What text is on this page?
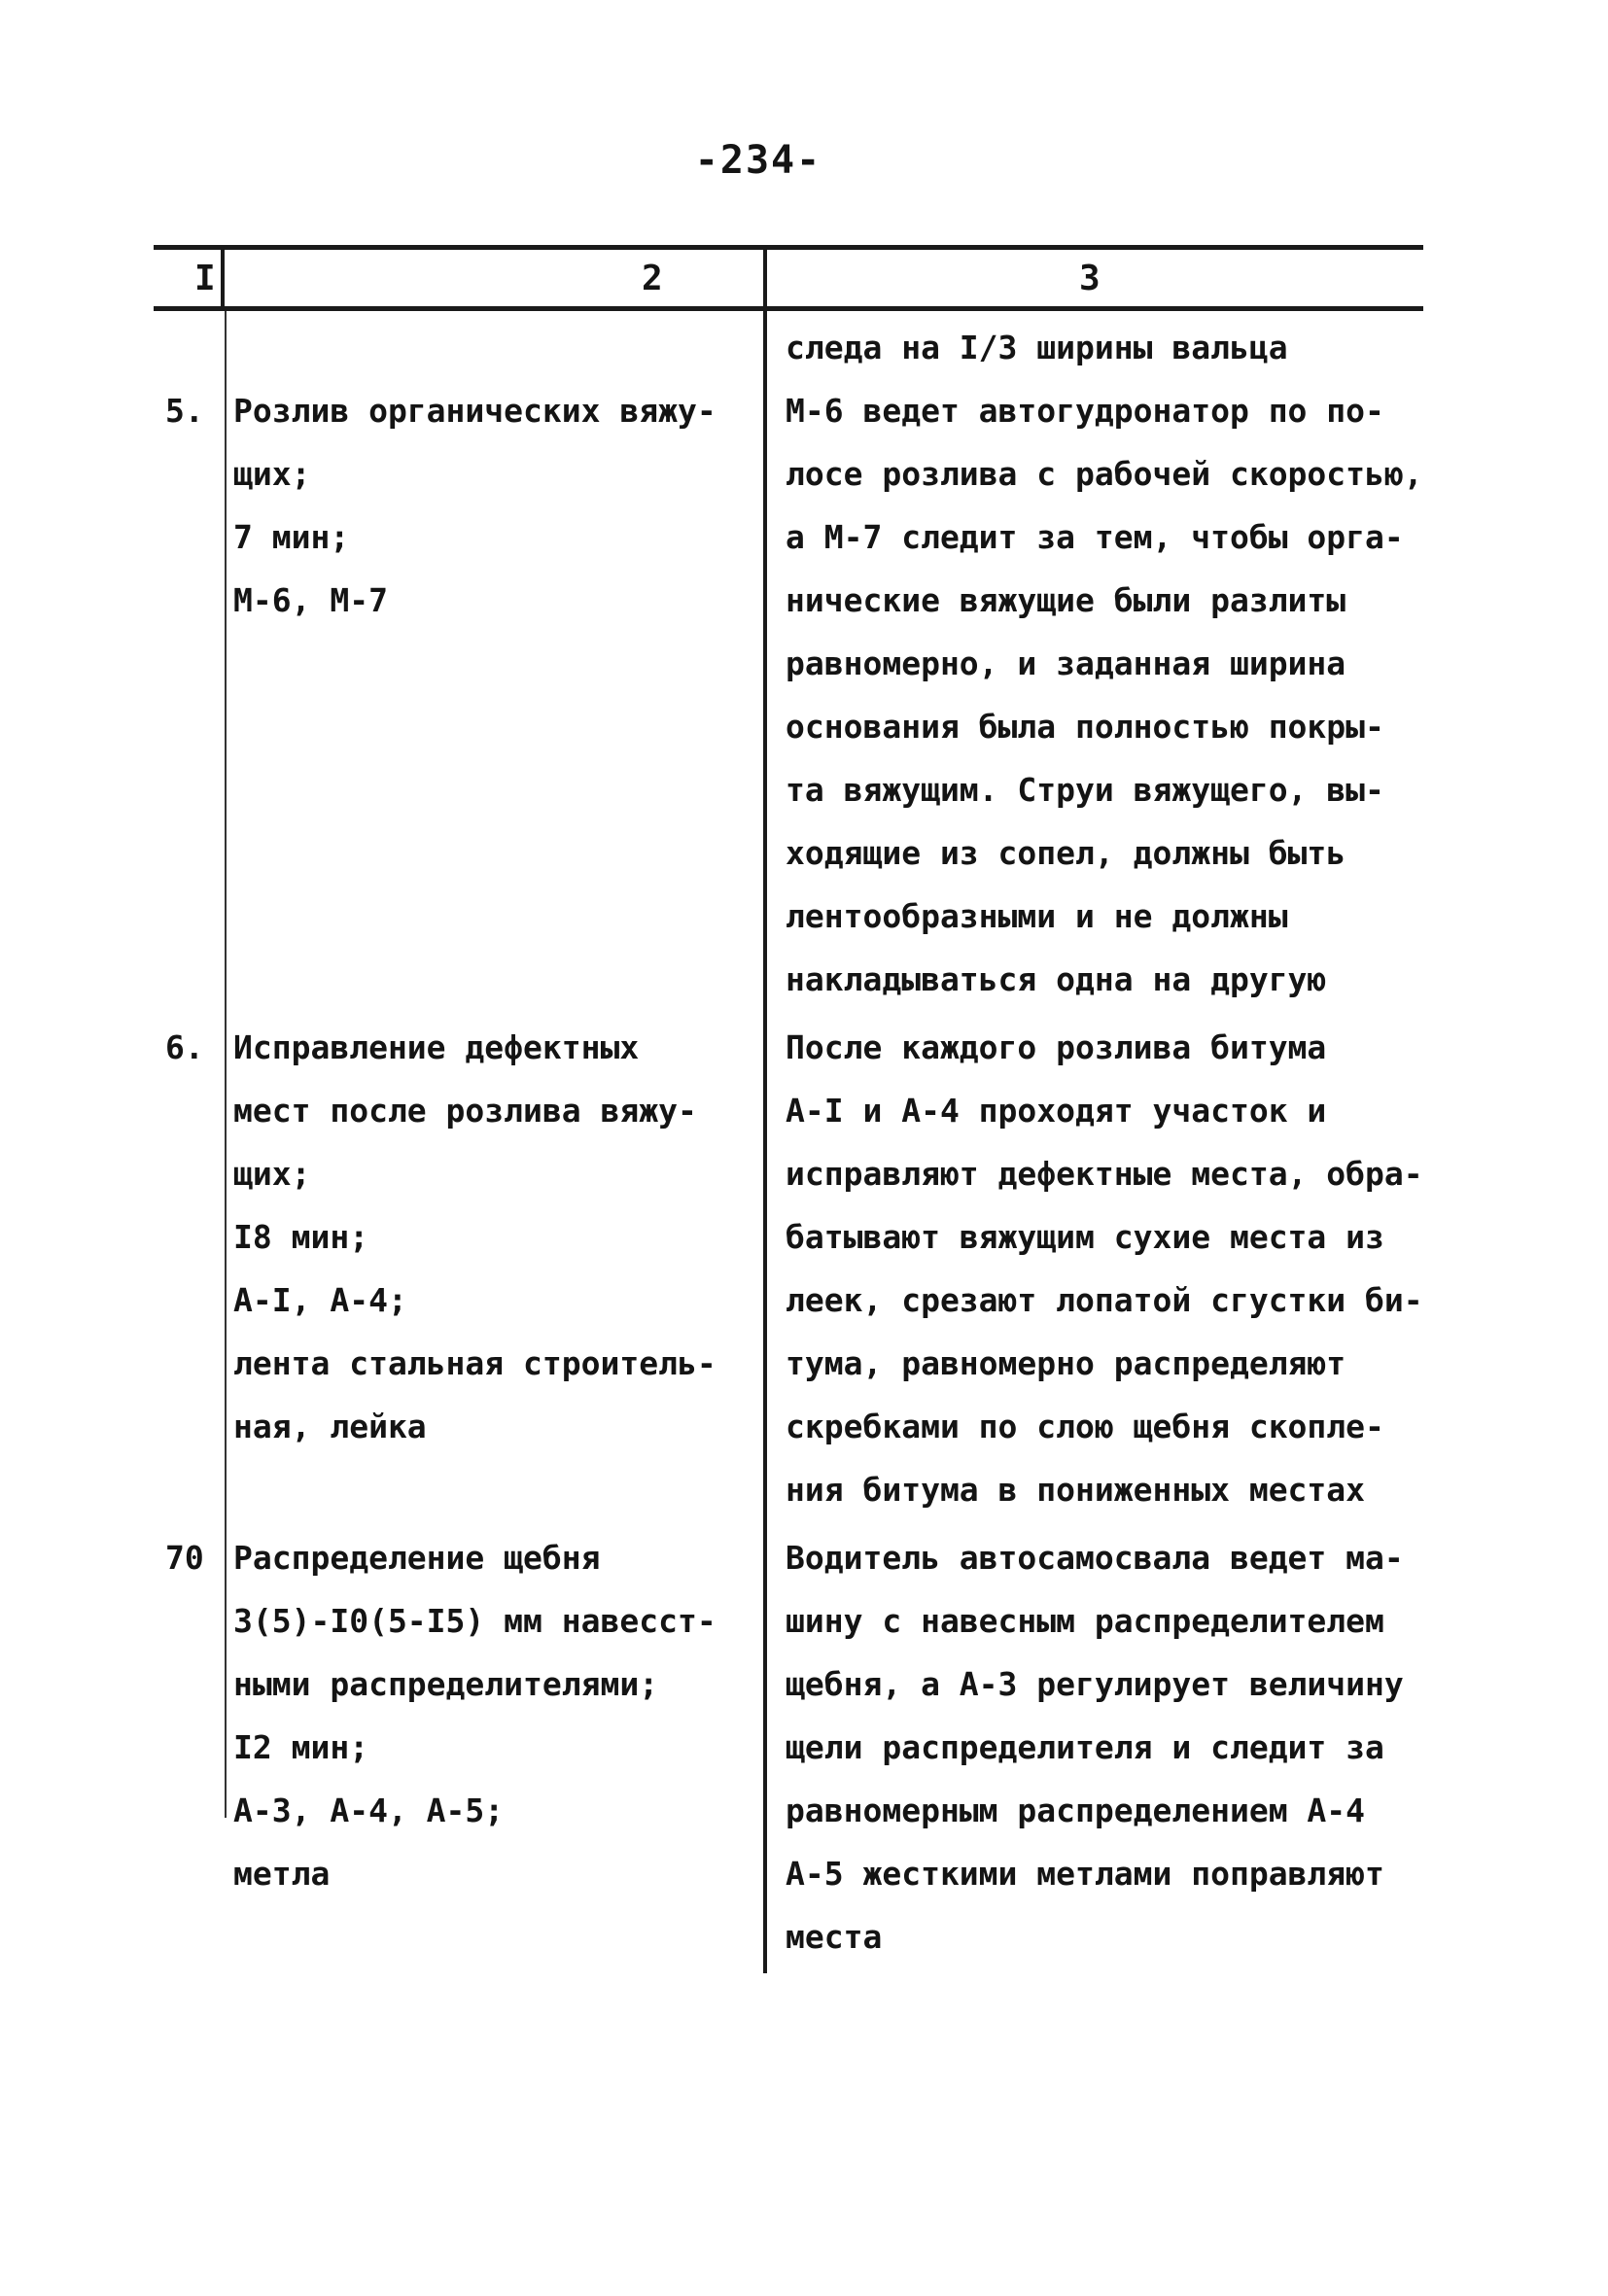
-234-
I	2	3
следа на I/3 ширины вальца
5. Розлив органических вяжу-
щих;
7 мин;
М-6, М-7
М-6 ведет автогудронатор по по-
лосе розлива с рабочей скоростью,
а М-7 следит за тем, чтобы орга-
нические вяжущие были разлиты
равномерно, и заданная ширина
основания была полностью покры-
та вяжущим. Струи вяжущего, вы-
ходящие из сопел, должны быть
лентообразными и не должны
накладываться одна на другую
6. Исправление дефектных
мест после розлива вяжу-
щих;
I8 мин;
А-I, А-4;
лента стальная строитель-
ная, лейка
После каждого розлива битума
А-I и А-4 проходят участок и
исправляют дефектные места, обра-
батывают вяжущим сухие места из
леек, срезают лопатой сгустки би-
тума, равномерно распределяют
скребками по слою щебня скопле-
ния битума в пониженных местах
70 Распределение щебня
3(5)-I0(5-I5) мм навесст-
ными распределителями;
I2 мин;
А-3, А-4, А-5;
метла
Водитель автосамосвала ведет ма-
шину с навесным распределителем
щебня, а А-3 регулирует величину
щели распределителя и следит за
равномерным распределением А-4
А-5 жесткими метлами поправляют
места
